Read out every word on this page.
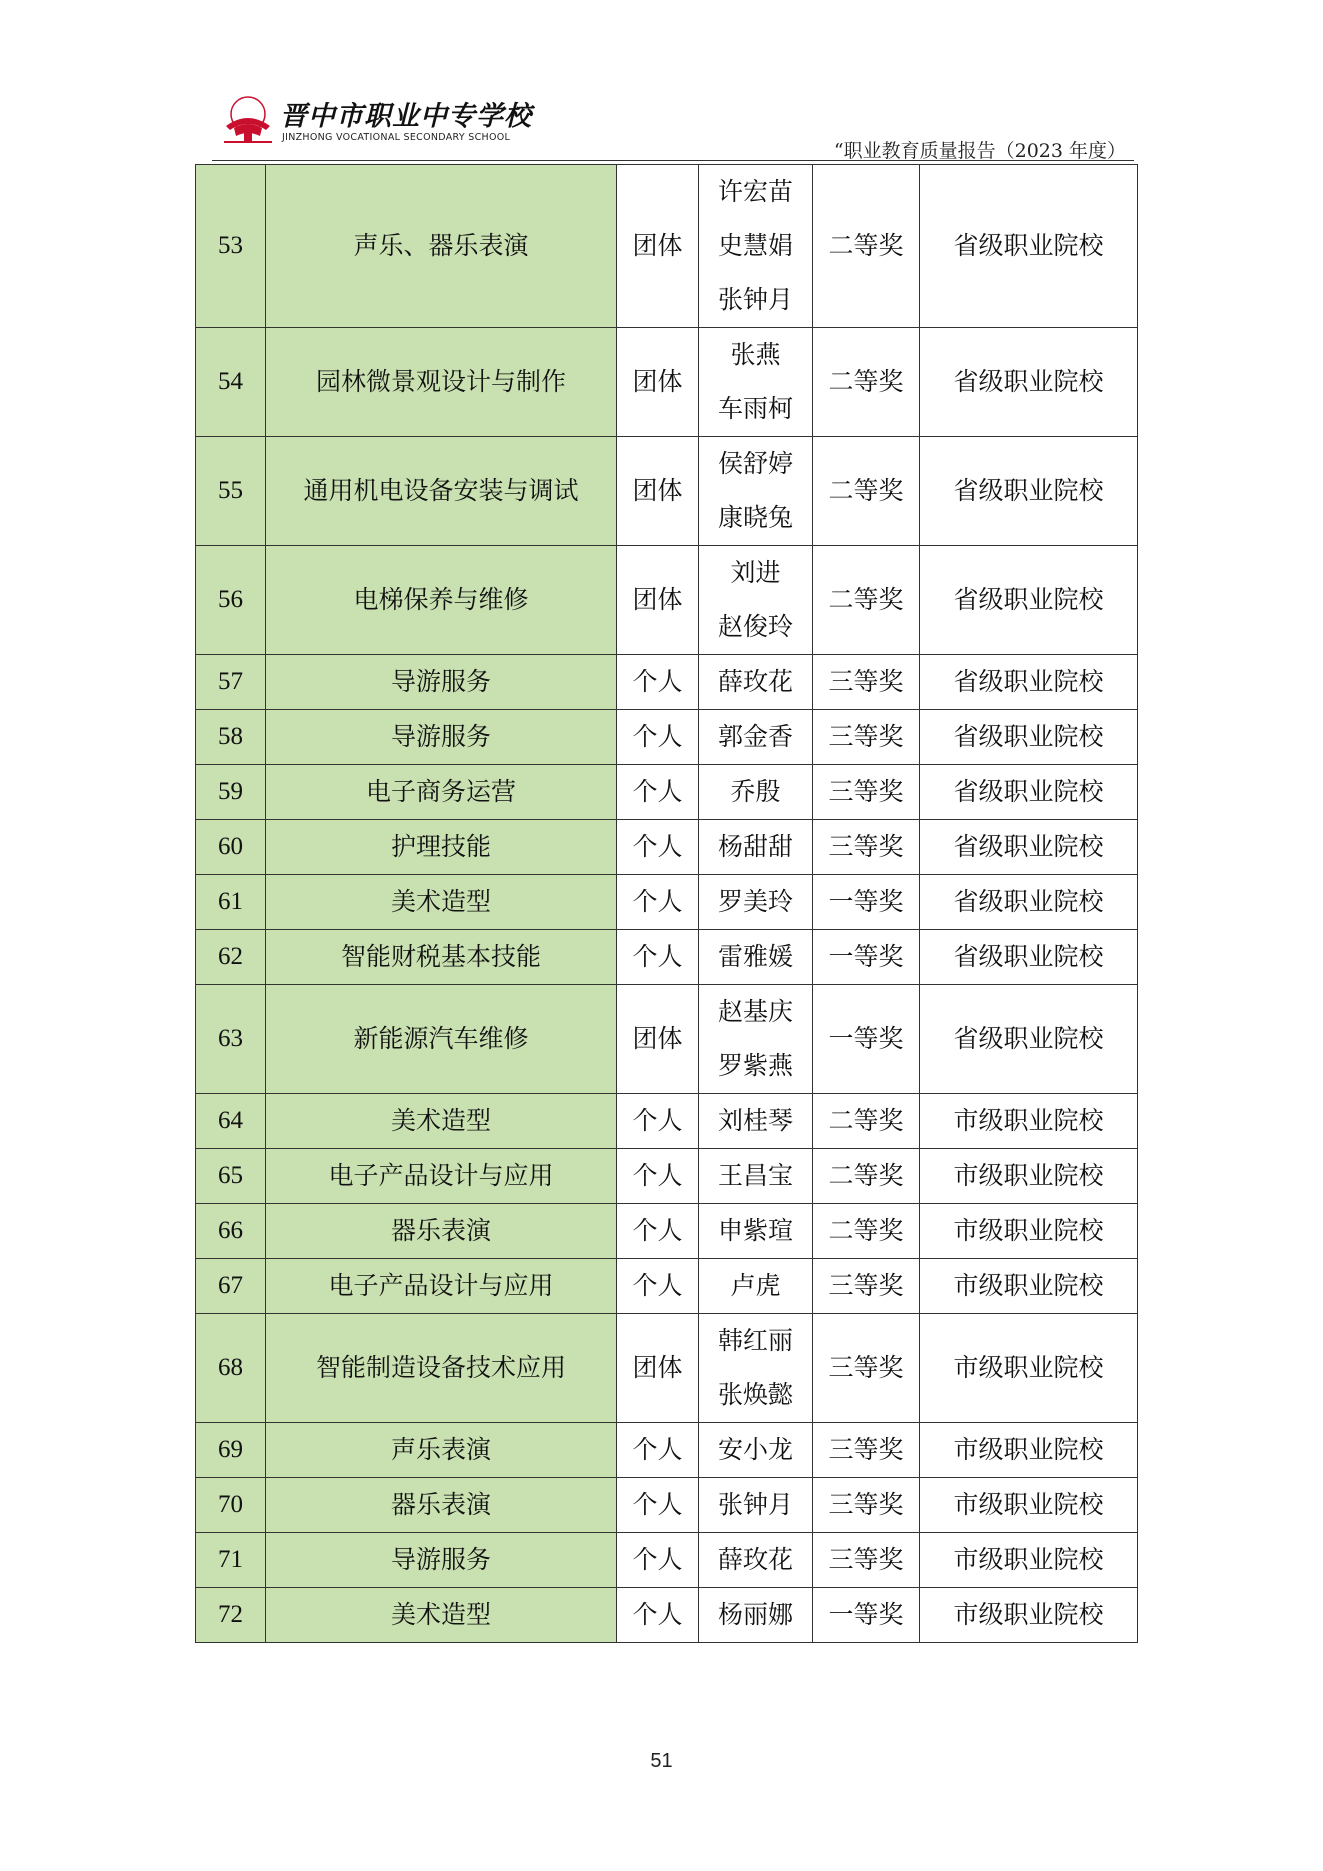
晋中市职业中专学校
JINZHONG VOCATIONAL SECONDARY SCHOOL
“职业教育质量报告（2023 年度）
53	声乐、器乐表演	团体	许宏苗
史慧娟
张钟月	二等奖	省级职业院校
54	园林微景观设计与制作	团体	张燕
车雨柯	二等奖	省级职业院校
55	通用机电设备安装与调试	团体	侯舒婷
康晓兔	二等奖	省级职业院校
56	电梯保养与维修	团体	刘进
赵俊玲	二等奖	省级职业院校
57	导游服务	个人	薛玫花	三等奖	省级职业院校
58	导游服务	个人	郭金香	三等奖	省级职业院校
59	电子商务运营	个人	乔殷	三等奖	省级职业院校
60	护理技能	个人	杨甜甜	三等奖	省级职业院校
61	美术造型	个人	罗美玲	一等奖	省级职业院校
62	智能财税基本技能	个人	雷雅媛	一等奖	省级职业院校
63	新能源汽车维修	团体	赵基庆
罗紫燕	一等奖	省级职业院校
64	美术造型	个人	刘桂琴	二等奖	市级职业院校
65	电子产品设计与应用	个人	王昌宝	二等奖	市级职业院校
66	器乐表演	个人	申紫瑄	二等奖	市级职业院校
67	电子产品设计与应用	个人	卢虎	三等奖	市级职业院校
68	智能制造设备技术应用	团体	韩红丽
张焕懿	三等奖	市级职业院校
69	声乐表演	个人	安小龙	三等奖	市级职业院校
70	器乐表演	个人	张钟月	三等奖	市级职业院校
71	导游服务	个人	薛玫花	三等奖	市级职业院校
72	美术造型	个人	杨丽娜	一等奖	市级职业院校
51
